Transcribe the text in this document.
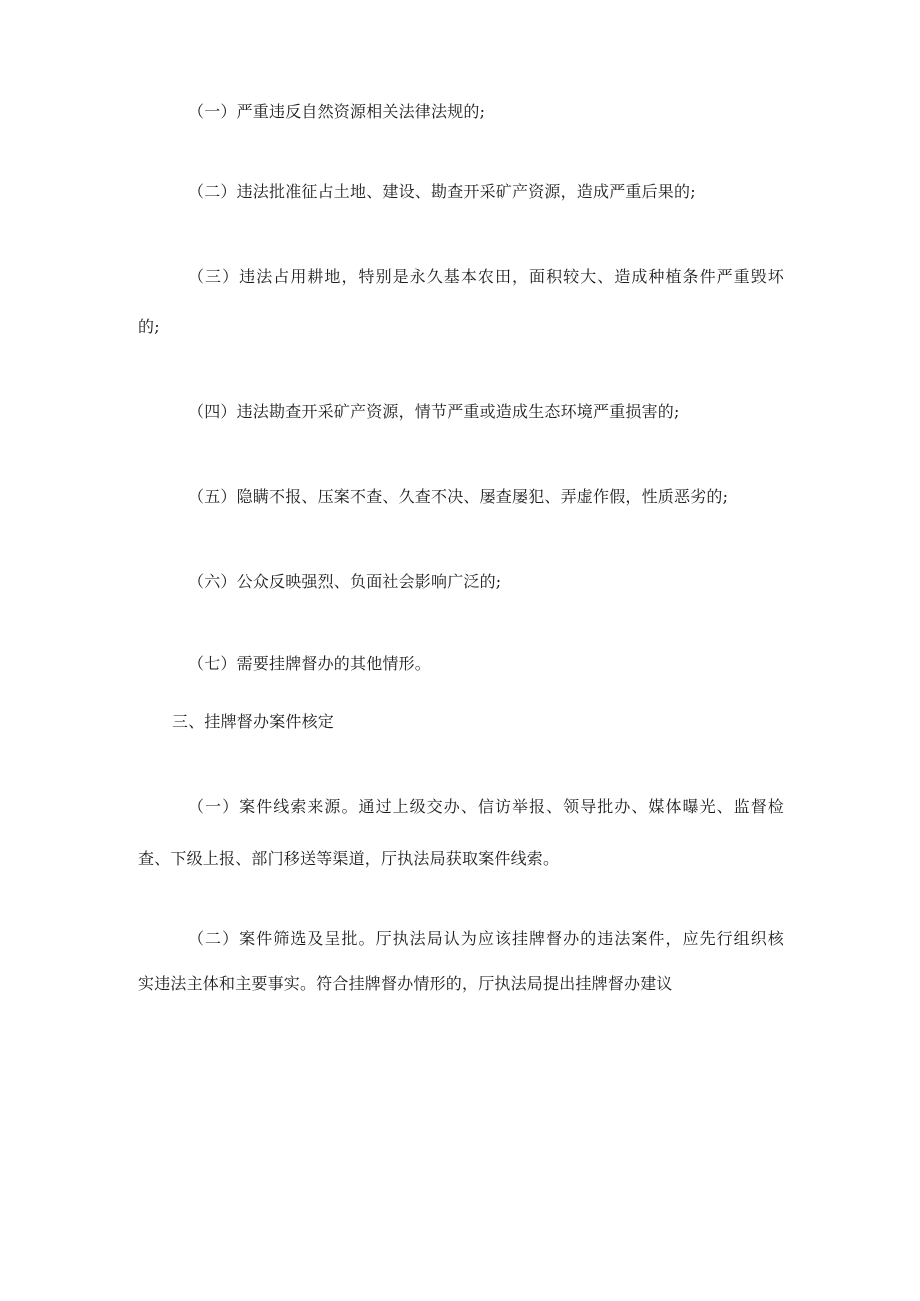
（一）严重违反自然资源相关法律法规的;
（二）违法批准征占土地、建设、勘查开采矿产资源，造成严重后果的;
（三）违法占用耕地，特别是永久基本农田，面积较大、造成种植条件严重毁坏
的;
（四）违法勘查开采矿产资源，情节严重或造成生态环境严重损害的;
（五）隐瞒不报、压案不查、久查不决、屡查屡犯、弄虚作假，性质恶劣的;
（六）公众反映强烈、负面社会影响广泛的;
（七）需要挂牌督办的其他情形。
三、挂牌督办案件核定
（一）案件线索来源。通过上级交办、信访举报、领导批办、媒体曝光、监督检
查、下级上报、部门移送等渠道，厅执法局获取案件线索。
（二）案件筛选及呈批。厅执法局认为应该挂牌督办的违法案件，应先行组织核
实违法主体和主要事实。符合挂牌督办情形的，厅执法局提出挂牌督办建议
